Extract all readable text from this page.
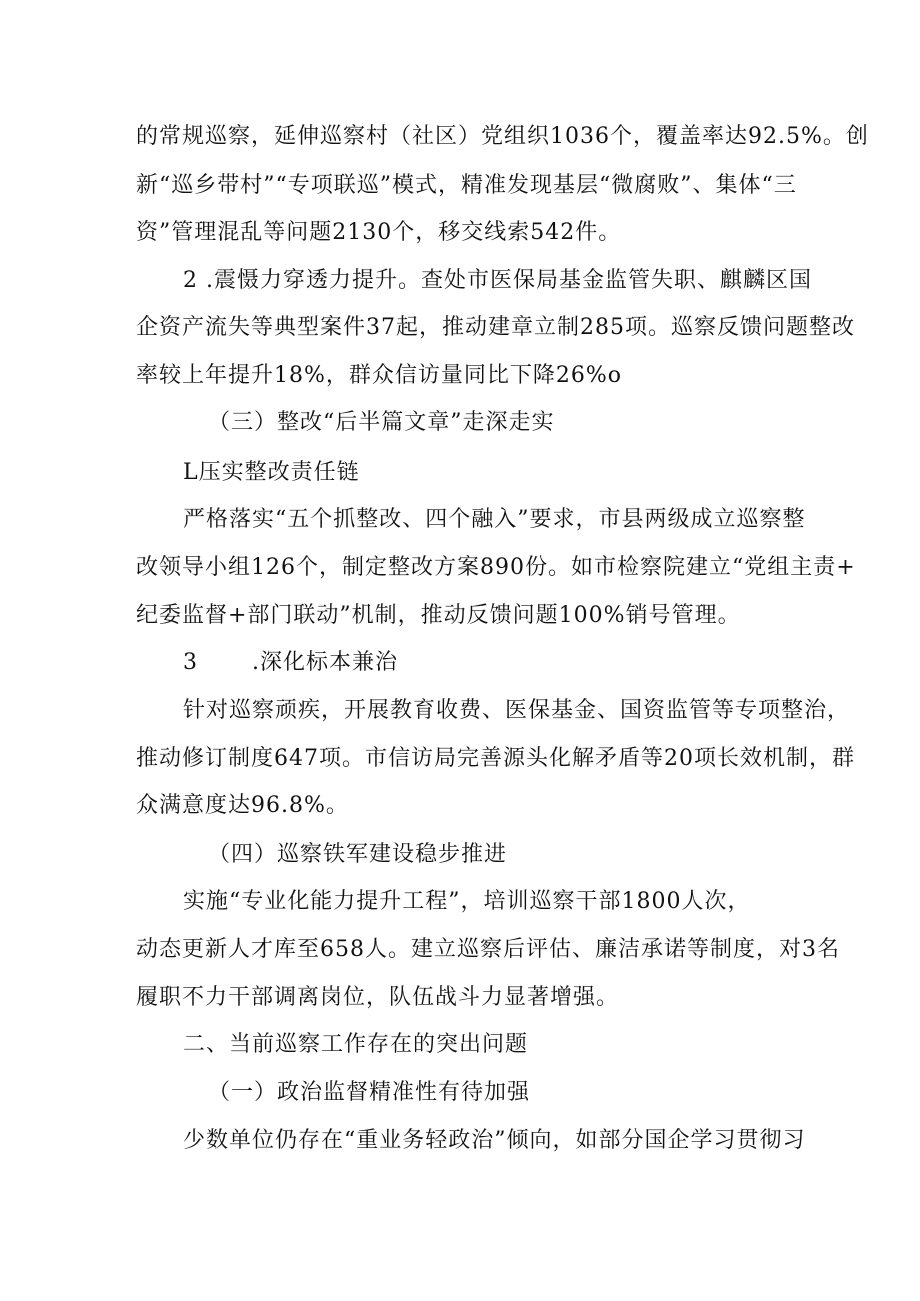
的常规巡察，延伸巡察村（社区）党组织1036个，覆盖率达92.5%。创
新“巡乡带村”“专项联巡”模式，精准发现基层“微腐败”、集体“三
资”管理混乱等问题2130个，移交线索542件。
2 .震慑力穿透力提升。查处市医保局基金监管失职、麒麟区国
企资产流失等典型案件37起，推动建章立制285项。巡察反馈问题整改
率较上年提升18%，群众信访量同比下降26%o
（三）整改“后半篇文章”走深走实
L压实整改责任链
严格落实“五个抓整改、四个融入”要求，市县两级成立巡察整
改领导小组126个，制定整改方案890份。如市检察院建立“党组主责+
纪委监督+部门联动”机制，推动反馈问题100%销号管理。
3 　　.深化标本兼治
针对巡察顽疾，开展教育收费、医保基金、国资监管等专项整治，
推动修订制度647项。市信访局完善源头化解矛盾等20项长效机制，群
众满意度达96.8%。
（四）巡察铁军建设稳步推进
实施“专业化能力提升工程”，培训巡察干部1800人次，
动态更新人才库至658人。建立巡察后评估、廉洁承诺等制度，对3名
履职不力干部调离岗位，队伍战斗力显著增强。
二、当前巡察工作存在的突出问题
（一）政治监督精准性有待加强
少数单位仍存在“重业务轻政治”倾向，如部分国企学习贯彻习
